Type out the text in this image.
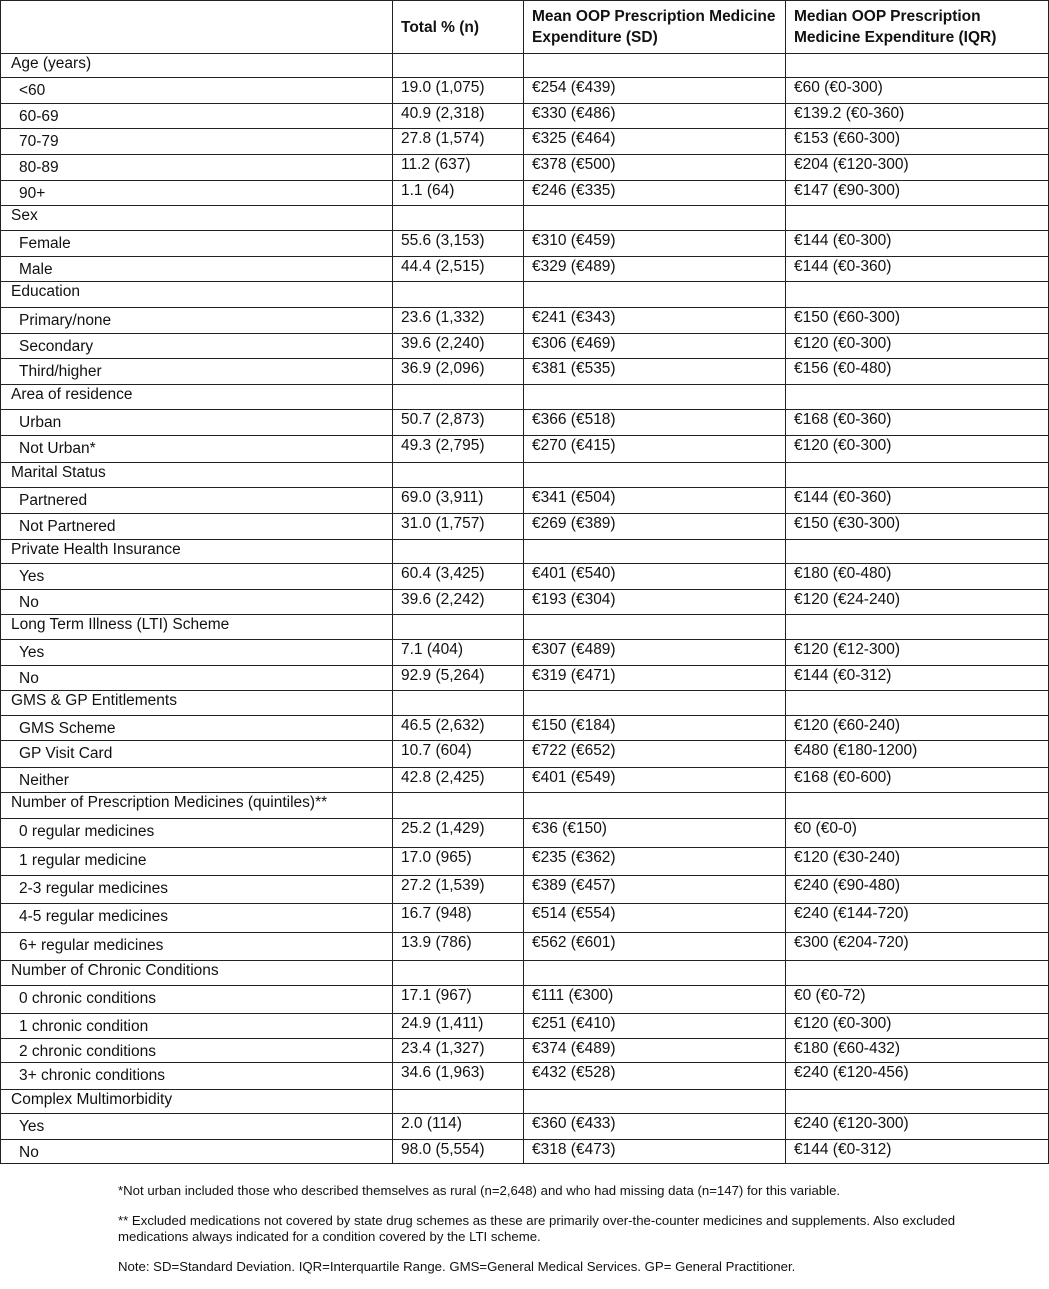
	Total % (n)	Mean OOP Prescription Medicine Expenditure (SD)	Median OOP Prescription Medicine Expenditure (IQR)
Age (years)			

<60	19.0 (1,075)	€254 (€439)	€60 (€0-300)

60-69	40.9 (2,318)	€330 (€486)	€139.2 (€0-360)

70-79	27.8 (1,574)	€325 (€464)	€153 (€60-300)

80-89	11.2 (637)	€378 (€500)	€204 (€120-300)

90+	1.1 (64)	€246 (€335)	€147 (€90-300)
Sex			

Female	55.6 (3,153)	€310 (€459)	€144 (€0-300)

Male	44.4 (2,515)	€329 (€489)	€144 (€0-360)
Education			

Primary/none	23.6 (1,332)	€241 (€343)	€150 (€60-300)

Secondary	39.6 (2,240)	€306 (€469)	€120 (€0-300)

Third/higher	36.9 (2,096)	€381 (€535)	€156 (€0-480)
Area of residence			

Urban	50.7 (2,873)	€366 (€518)	€168 (€0-360)

Not Urban*	49.3 (2,795)	€270 (€415)	€120 (€0-300)
Marital Status			

Partnered	69.0 (3,911)	€341 (€504)	€144 (€0-360)

Not Partnered	31.0 (1,757)	€269 (€389)	€150 (€30-300)
Private Health Insurance			

Yes	60.4 (3,425)	€401 (€540)	€180 (€0-480)

No	39.6 (2,242)	€193 (€304)	€120 (€24-240)
Long Term Illness (LTI) Scheme			

Yes	7.1 (404)	€307 (€489)	€120 (€12-300)

No	92.9 (5,264)	€319 (€471)	€144 (€0-312)
GMS & GP Entitlements			

GMS Scheme	46.5 (2,632)	€150 (€184)	€120 (€60-240)

GP Visit Card	10.7 (604)	€722 (€652)	€480 (€180-1200)

Neither	42.8 (2,425)	€401 (€549)	€168 (€0-600)
Number of Prescription Medicines (quintiles)**			

0 regular medicines	25.2 (1,429)	€36 (€150)	€0 (€0-0)

1 regular medicine	17.0 (965)	€235 (€362)	€120 (€30-240)

2-3 regular medicines	27.2 (1,539)	€389 (€457)	€240 (€90-480)

4-5 regular medicines	16.7 (948)	€514 (€554)	€240 (€144-720)

6+ regular medicines	13.9 (786)	€562 (€601)	€300 (€204-720)
Number of Chronic Conditions			

0 chronic conditions	17.1 (967)	€111 (€300)	€0 (€0-72)

1 chronic condition	24.9 (1,411)	€251 (€410)	€120 (€0-300)

2 chronic conditions	23.4 (1,327)	€374 (€489)	€180 (€60-432)

3+ chronic conditions	34.6 (1,963)	€432 (€528)	€240 (€120-456)
Complex Multimorbidity			

Yes	2.0 (114)	€360 (€433)	€240 (€120-300)

No	98.0 (5,554)	€318 (€473)	€144 (€0-312)

*Not urban included those who described themselves as rural (n=2,648) and who had missing data (n=147) for this variable.

** Excluded medications not covered by state drug schemes as these are primarily over-the-counter medicines and supplements. Also excluded medications always indicated for a condition covered by the LTI scheme.

Note: SD=Standard Deviation. IQR=Interquartile Range. GMS=General Medical Services. GP= General Practitioner.
